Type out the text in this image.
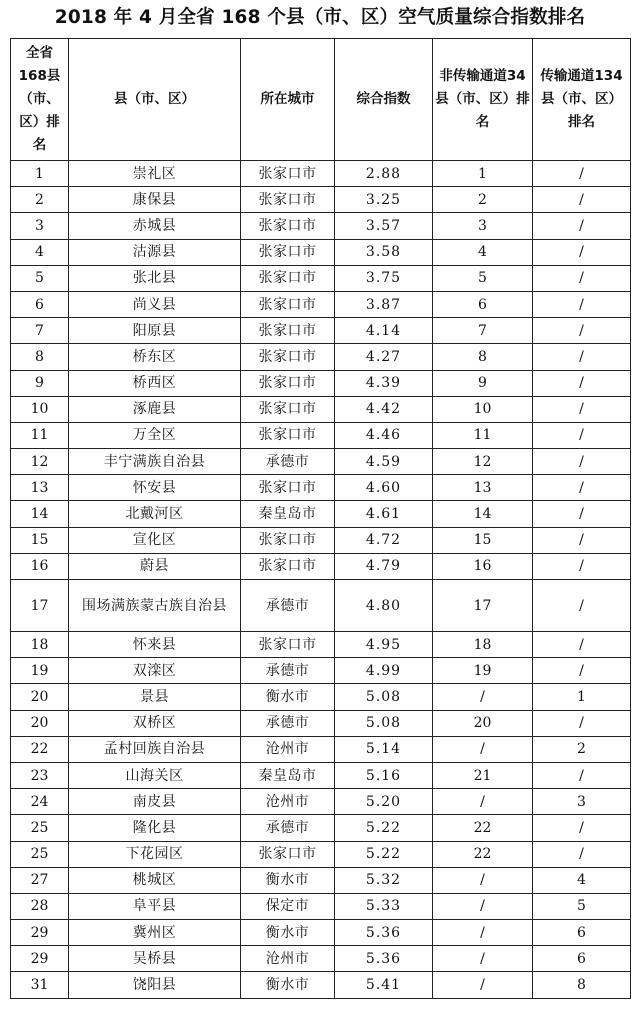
2018 年 4 月全省 168 个县（市、区）空气质量综合指数排名
全省168县（市、区）排名	县（市、区）	所在城市	综合指数	非传输通道34县（市、区）排名	传输通道134县（市、区）排名
1	崇礼区	张家口市	2.88	1	/
2	康保县	张家口市	3.25	2	/
3	赤城县	张家口市	3.57	3	/
4	沽源县	张家口市	3.58	4	/
5	张北县	张家口市	3.75	5	/
6	尚义县	张家口市	3.87	6	/
7	阳原县	张家口市	4.14	7	/
8	桥东区	张家口市	4.27	8	/
9	桥西区	张家口市	4.39	9	/
10	涿鹿县	张家口市	4.42	10	/
11	万全区	张家口市	4.46	11	/
12	丰宁满族自治县	承德市	4.59	12	/
13	怀安县	张家口市	4.60	13	/
14	北戴河区	秦皇岛市	4.61	14	/
15	宣化区	张家口市	4.72	15	/
16	蔚县	张家口市	4.79	16	/
17	围场满族蒙古族自治县	承德市	4.80	17	/
18	怀来县	张家口市	4.95	18	/
19	双滦区	承德市	4.99	19	/
20	景县	衡水市	5.08	/	1
20	双桥区	承德市	5.08	20	/
22	孟村回族自治县	沧州市	5.14	/	2
23	山海关区	秦皇岛市	5.16	21	/
24	南皮县	沧州市	5.20	/	3
25	隆化县	承德市	5.22	22	/
25	下花园区	张家口市	5.22	22	/
27	桃城区	衡水市	5.32	/	4
28	阜平县	保定市	5.33	/	5
29	冀州区	衡水市	5.36	/	6
29	吴桥县	沧州市	5.36	/	6
31	饶阳县	衡水市	5.41	/	8
